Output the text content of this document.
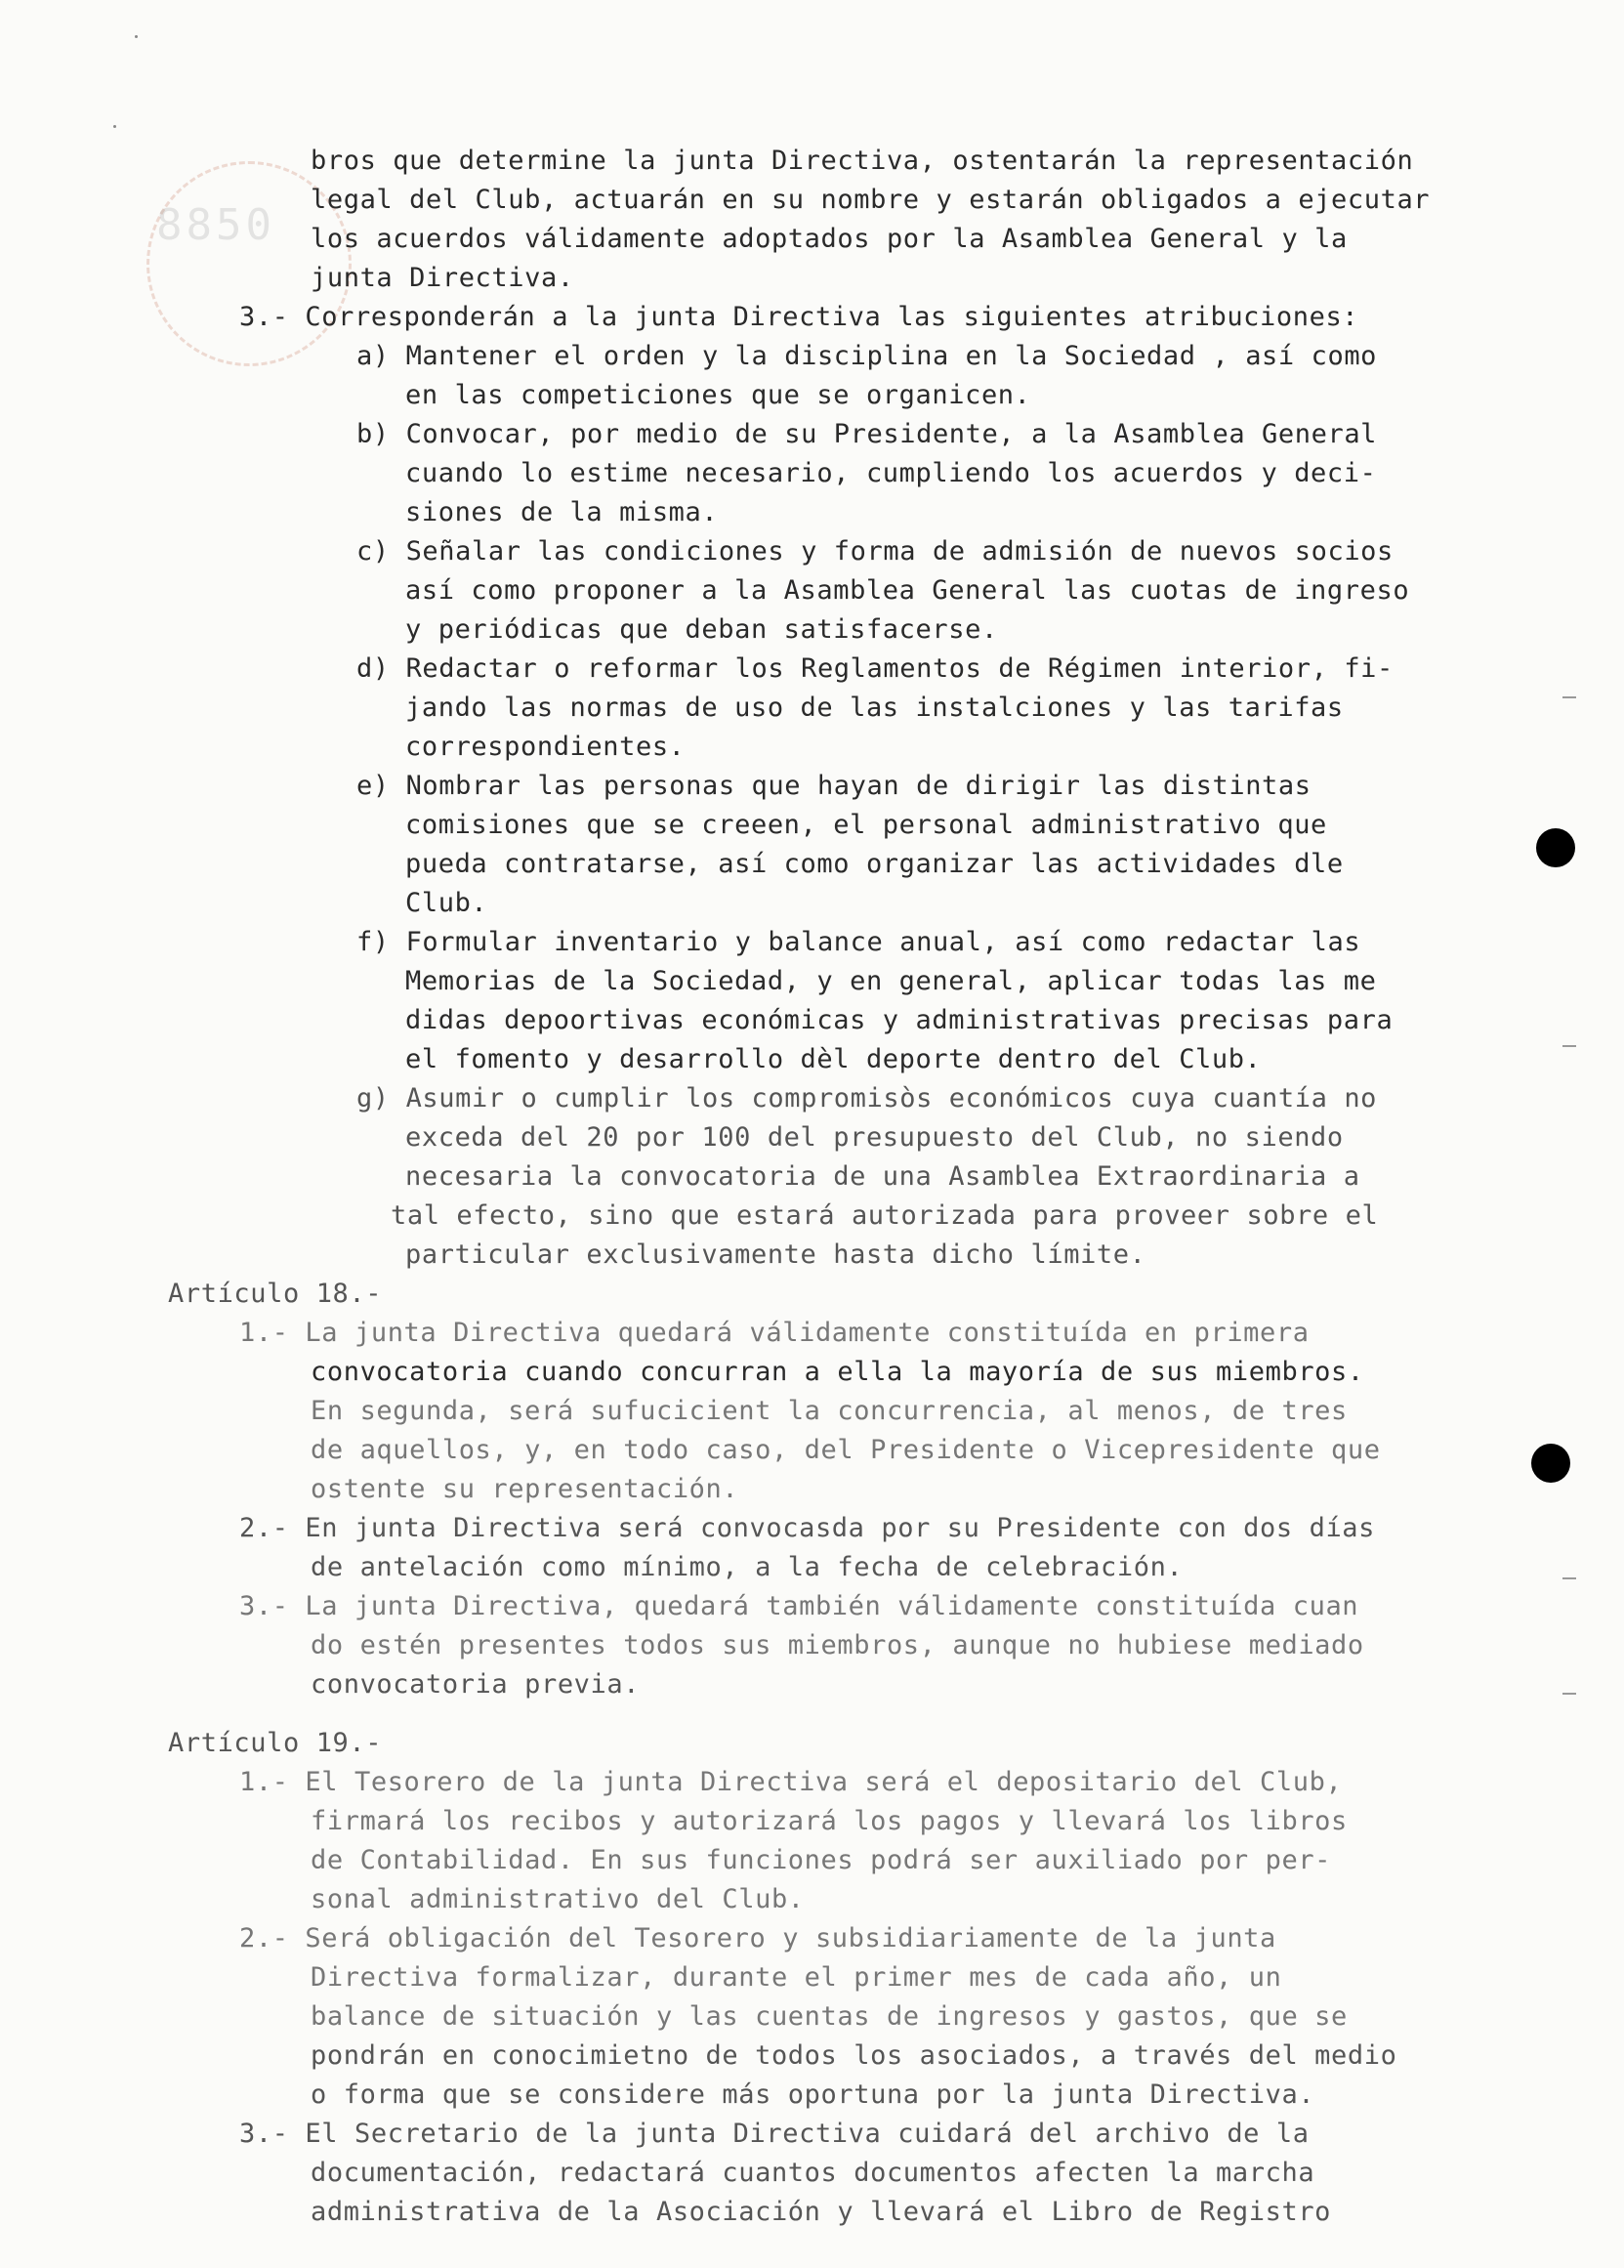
8850
bros que determine la junta Directiva, ostentarán la representación
legal del Club, actuarán en su nombre y estarán obligados a ejecutar
los acuerdos válidamente adoptados por la Asamblea General y la
junta Directiva.
3.- Corresponderán a la junta Directiva las siguientes atribuciones:
a) Mantener el orden y la disciplina en la Sociedad , así como
en las competiciones que se organicen.
b) Convocar, por medio de su Presidente, a la Asamblea General
cuando lo estime necesario, cumpliendo los acuerdos y deci-
siones de la misma.
c) Señalar las condiciones y forma de admisión de nuevos socios
así como proponer a la Asamblea General las cuotas de ingreso
y periódicas que deban satisfacerse.
d) Redactar o reformar los Reglamentos de Régimen interior, fi-
jando las normas de uso de las instalciones y las tarifas
correspondientes.
e) Nombrar las personas que hayan de dirigir las distintas
comisiones que se creeen, el personal administrativo que
pueda contratarse, así como organizar las actividades dle
Club.
f) Formular inventario y balance anual, así como redactar las
Memorias de la Sociedad, y en general, aplicar todas las me
didas depoortivas económicas y administrativas precisas para
el fomento y desarrollo dèl deporte dentro del Club.
g) Asumir o cumplir los compromisòs económicos cuya cuantía no
exceda del 20 por 100 del presupuesto del Club, no siendo
necesaria la convocatoria de una Asamblea Extraordinaria a
tal efecto, sino que estará autorizada para proveer sobre el
particular exclusivamente hasta dicho límite.
Artículo 18.-
1.- La junta Directiva quedará válidamente constituída en primera
convocatoria cuando concurran a ella la mayoría de sus miembros.
En segunda, será sufucicient la concurrencia, al menos, de tres
de aquellos, y, en todo caso, del Presidente o Vicepresidente que
ostente su representación.
2.- En junta Directiva será convocasda por su Presidente con dos días
de antelación como mínimo, a la fecha de celebración.
3.- La junta Directiva, quedará también válidamente constituída cuan
do estén presentes todos sus miembros, aunque no hubiese mediado
convocatoria previa.
Artículo 19.-
1.- El Tesorero de la junta Directiva será el depositario del Club,
firmará los recibos y autorizará los pagos y llevará los libros
de Contabilidad. En sus funciones podrá ser auxiliado por per-
sonal administrativo del Club.
2.- Será obligación del Tesorero y subsidiariamente de la junta
Directiva formalizar, durante el primer mes de cada año, un
balance de situación y las cuentas de ingresos y gastos, que se
pondrán en conocimietno de todos los asociados, a través del medio
o forma que se considere más oportuna por la junta Directiva.
3.- El Secretario de la junta Directiva cuidará del archivo de la
documentación, redactará cuantos documentos afecten la marcha
administrativa de la Asociación y llevará el Libro de Registro
